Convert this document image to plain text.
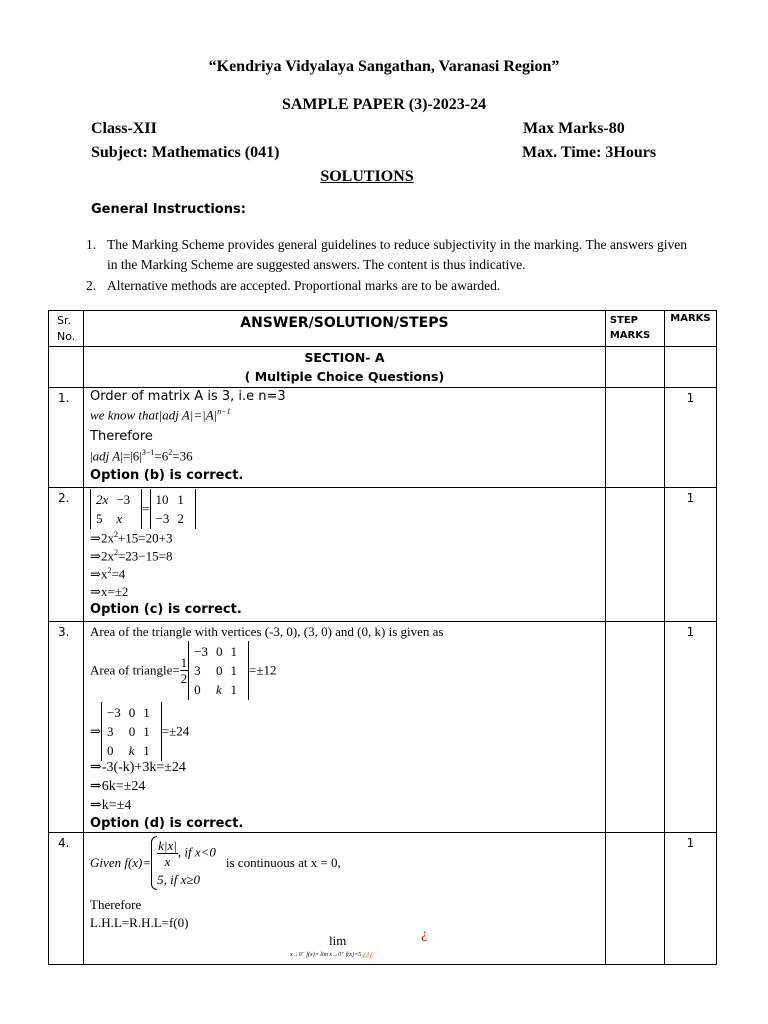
“Kendriya Vidyalaya Sangathan, Varanasi Region”
SAMPLE PAPER (3)-2023-24
Class-XII	Max Marks-80
Subject: Mathematics (041)	Max. Time: 3Hours
SOLUTIONS
General Instructions:
1. The Marking Scheme provides general guidelines to reduce subjectivity in the marking. The answers given in the Marking Scheme are suggested answers. The content is thus indicative.
2. Alternative methods are accepted. Proportional marks are to be awarded.
Sr. No.	ANSWER/SOLUTION/STEPS	STEP MARKS	MARKS

SECTION- A
( Multiple Choice Questions)

1.	Order of matrix A is 3, i.e n=3
we know that|adj $A|=|A|^{n-1}$
Therefore
|adj $A|=|6|^{3-1}=6^2=36$
Option (b) is correct.
		1
2.	2x	−3
5	x
=
10	1
−3	2
$\Rightarrow 2x^2+15=20+3$
$\Rightarrow 2x^2=23-15=8$
$\Rightarrow x^2=4$
⇒x=±2
Option (c) is correct.
		1
3.	Area of the triangle with vertices (-3, 0), (3, 0) and (0, k) is given as
Area of triangle= $\frac{1}{2}$
−3	0	1
3	0	1
0	k	1
=±12
⇒
−3	0	1
3	0	1
0	k	1
=±24
⇒-3(-k)+3k=±24
⇒6k=±24
⇒k=±4
Option (d) is correct.
		1
4.	
Given $f(x)= \frac{k|x|}{x}$ , if x<0
5, if x≥0
is continuous at x = 0,
Therefore
L.H.L=R.H.L=f(0)
lim	¿
x→0⁻ f(x)= lim x→0⁺ f(x)=5 ¿¿¿
		1
